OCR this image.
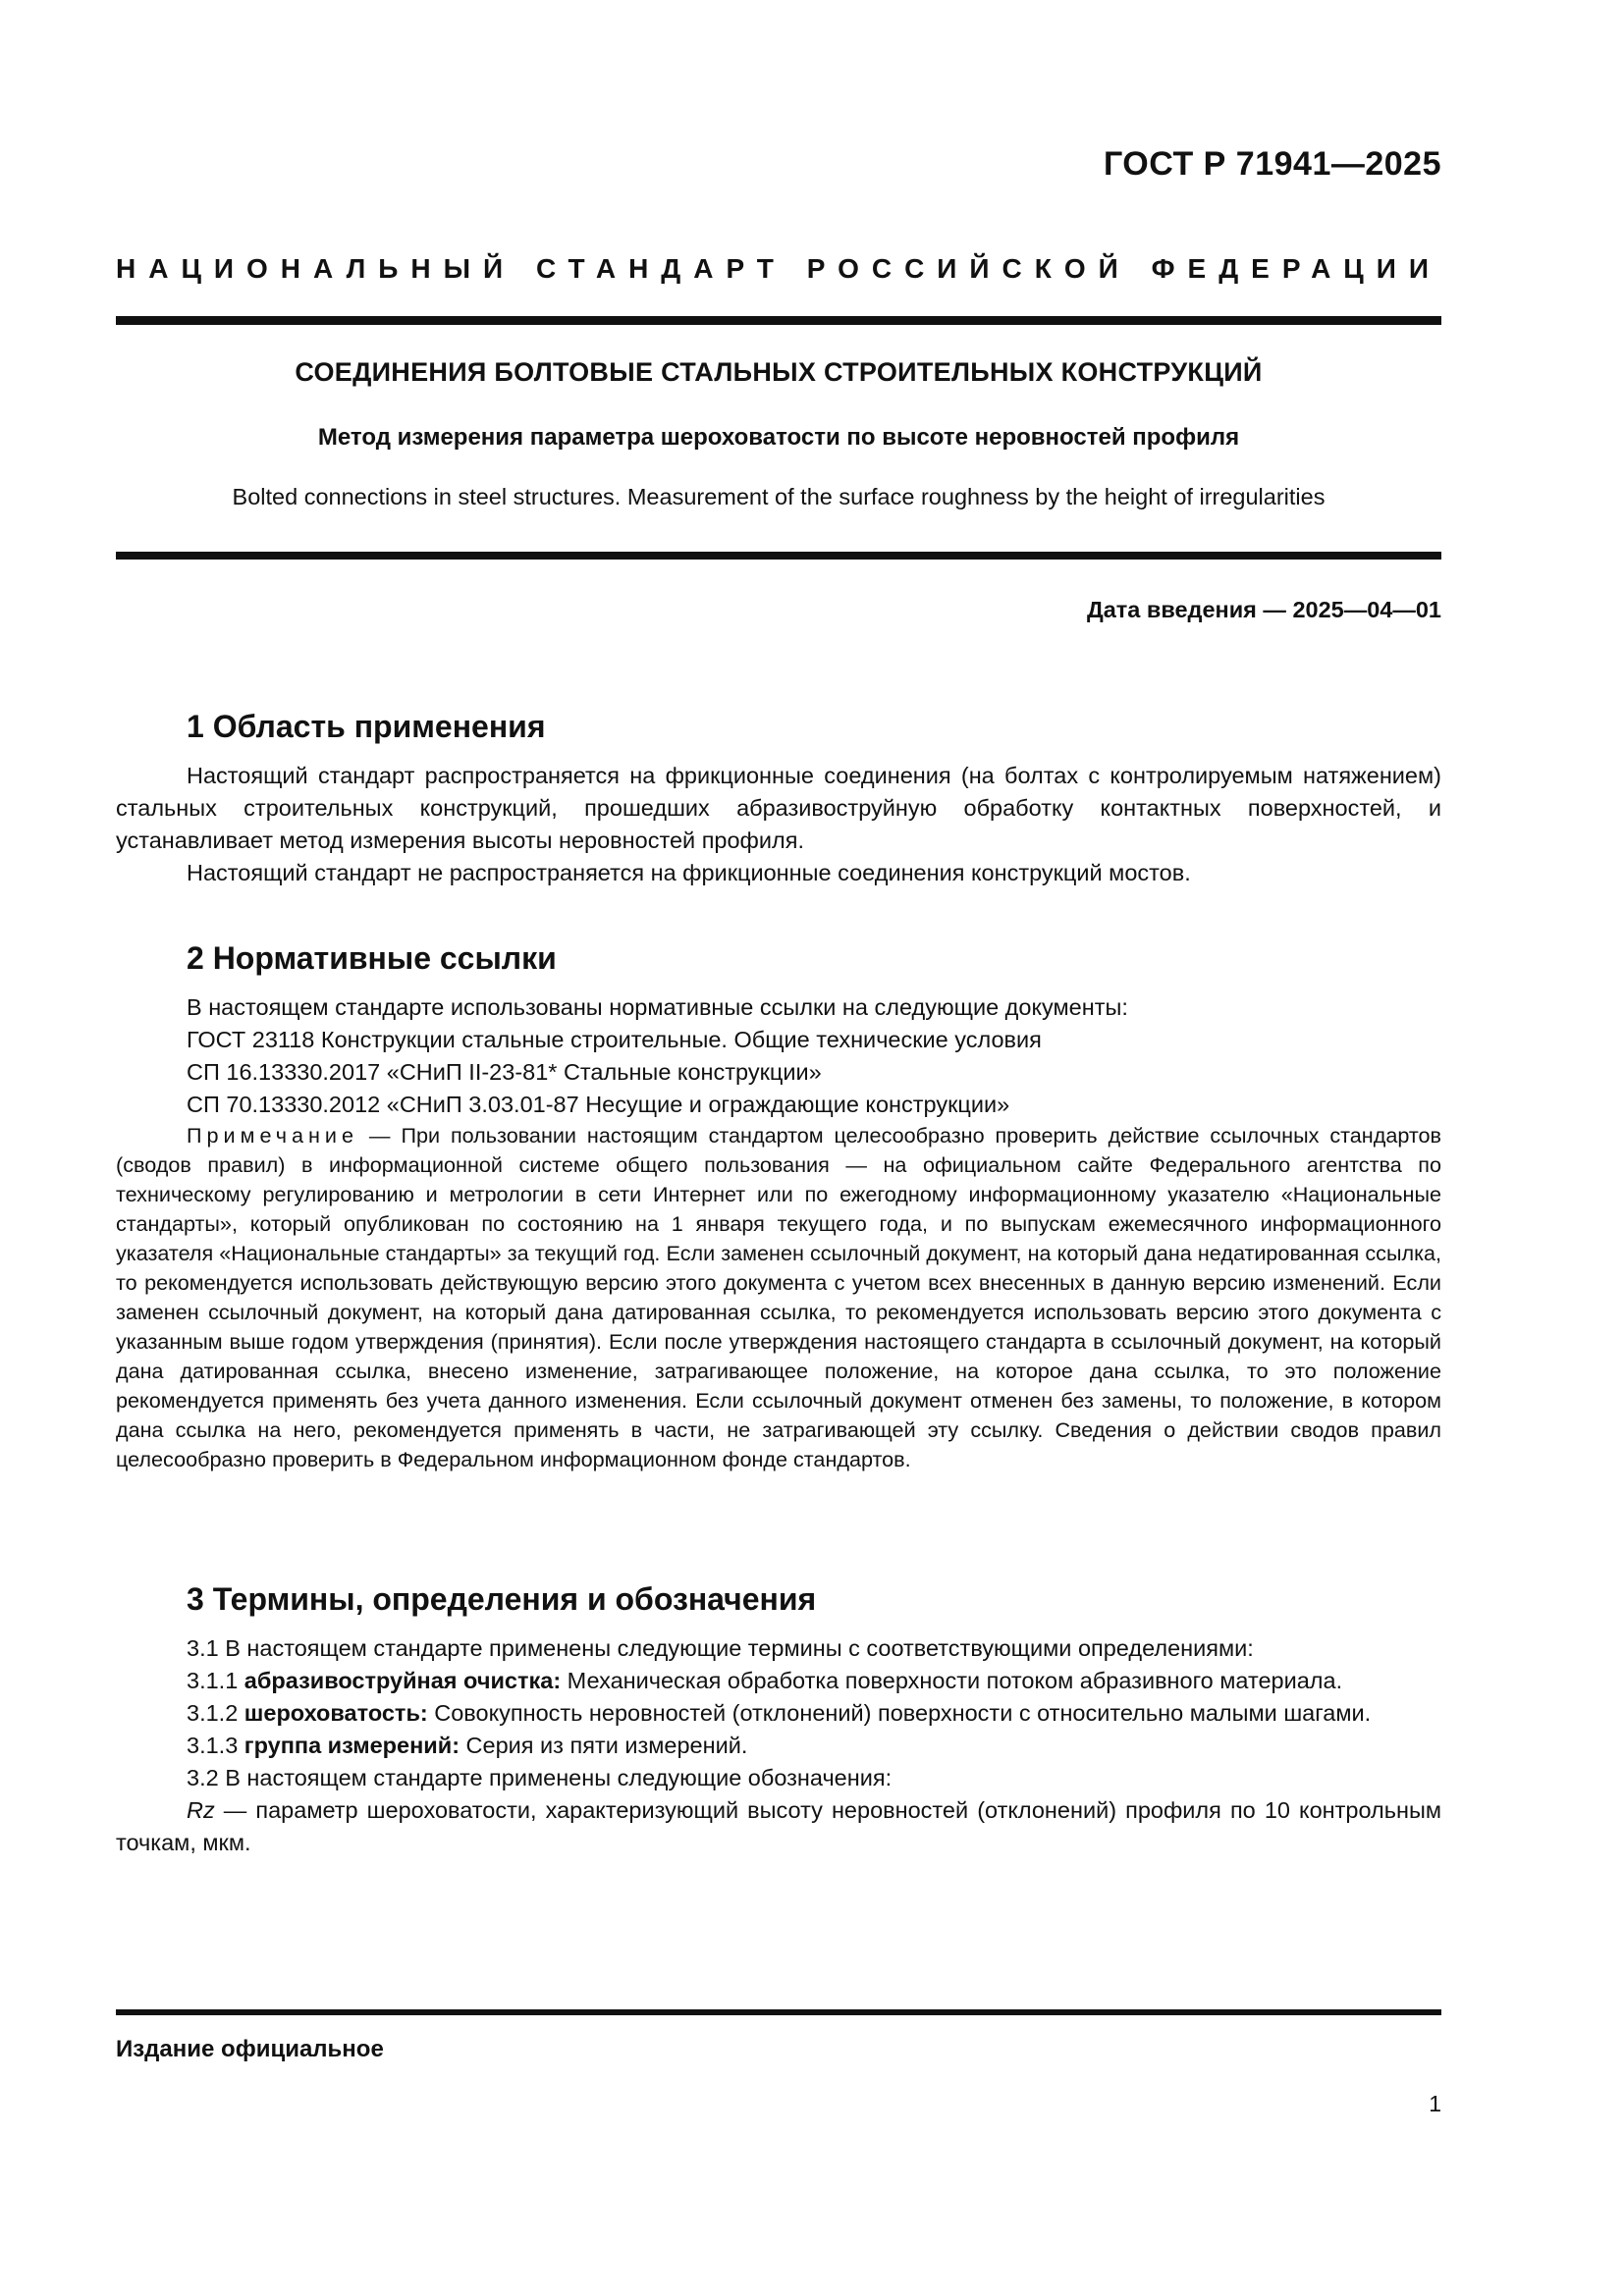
ГОСТ Р 71941—2025
НАЦИОНАЛЬНЫЙ СТАНДАРТ РОССИЙСКОЙ ФЕДЕРАЦИИ
СОЕДИНЕНИЯ БОЛТОВЫЕ СТАЛЬНЫХ СТРОИТЕЛЬНЫХ КОНСТРУКЦИЙ
Метод измерения параметра шероховатости по высоте неровностей профиля
Bolted connections in steel structures. Measurement of the surface roughness by the height of irregularities
Дата введения — 2025—04—01
1 Область применения

Настоящий стандарт распространяется на фрикционные соединения (на болтах с контролируемым натяжением) стальных строительных конструкций, прошедших абразивоструйную обработку контактных поверхностей, и устанавливает метод измерения высоты неровностей профиля.

Настоящий стандарт не распространяется на фрикционные соединения конструкций мостов.

2 Нормативные ссылки

В настоящем стандарте использованы нормативные ссылки на следующие документы:

ГОСТ 23118 Конструкции стальные строительные. Общие технические условия

СП 16.13330.2017 «СНиП II-23-81* Стальные конструкции»

СП 70.13330.2012 «СНиП 3.03.01-87 Несущие и ограждающие конструкции»

Примечание — При пользовании настоящим стандартом целесообразно проверить действие ссылочных стандартов (сводов правил) в информационной системе общего пользования — на официальном сайте Федерального агентства по техническому регулированию и метрологии в сети Интернет или по ежегодному информационному указателю «Национальные стандарты», который опубликован по состоянию на 1 января текущего года, и по выпускам ежемесячного информационного указателя «Национальные стандарты» за текущий год. Если заменен ссылочный документ, на который дана недатированная ссылка, то рекомендуется использовать действующую версию этого документа с учетом всех внесенных в данную версию изменений. Если заменен ссылочный документ, на который дана датированная ссылка, то рекомендуется использовать версию этого документа с указанным выше годом утверждения (принятия). Если после утверждения настоящего стандарта в ссылочный документ, на который дана датированная ссылка, внесено изменение, затрагивающее положение, на которое дана ссылка, то это положение рекомендуется применять без учета данного изменения. Если ссылочный документ отменен без замены, то положение, в котором дана ссылка на него, рекомендуется применять в части, не затрагивающей эту ссылку. Сведения о действии сводов правил целесообразно проверить в Федеральном информационном фонде стандартов.

3 Термины, определения и обозначения

3.1 В настоящем стандарте применены следующие термины с соответствующими определениями:

3.1.1 абразивоструйная очистка: Механическая обработка поверхности потоком абразивного материала.

3.1.2 шероховатость: Совокупность неровностей (отклонений) поверхности с относительно малыми шагами.

3.1.3 группа измерений: Серия из пяти измерений.

3.2 В настоящем стандарте применены следующие обозначения:

Rz — параметр шероховатости, характеризующий высоту неровностей (отклонений) профиля по 10 контрольным точкам, мкм.

Издание официальное
1
